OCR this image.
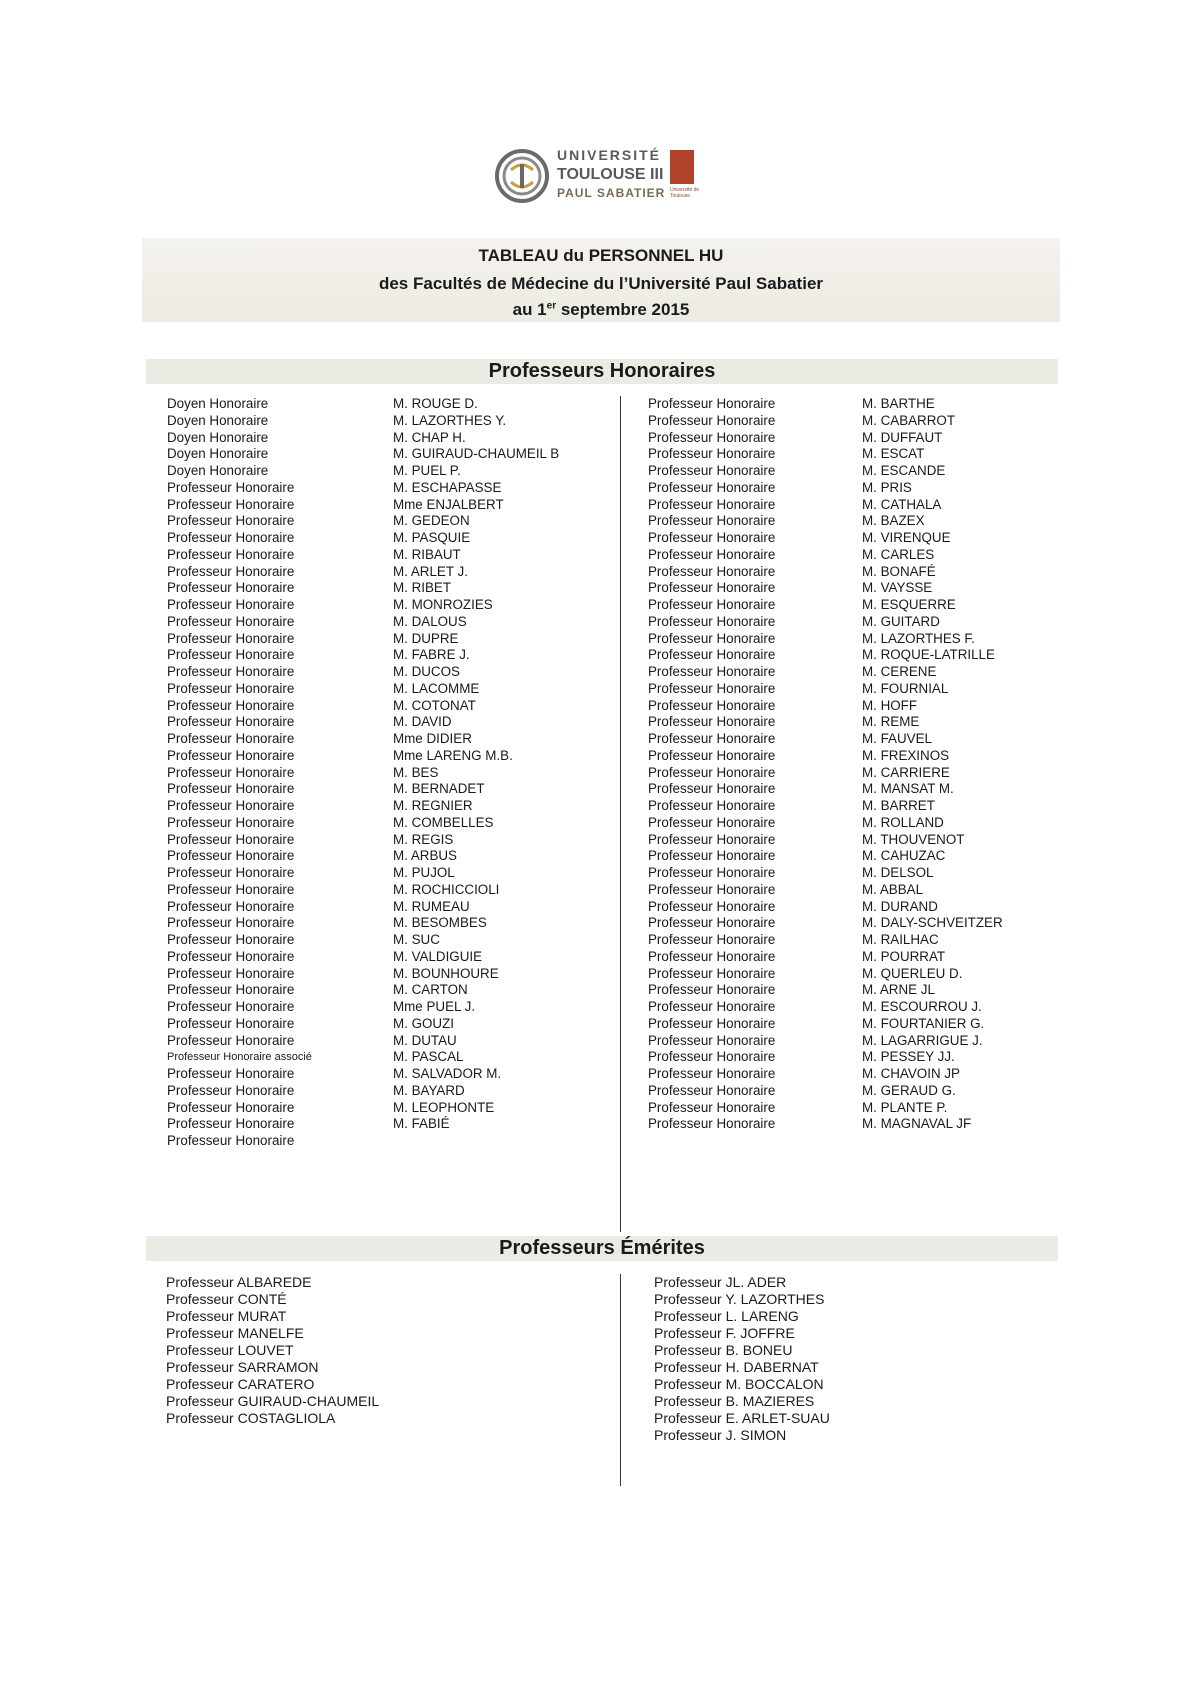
UNIVERSITÉ
TOULOUSE III
PAUL SABATIER Université de Toulouse
TABLEAU du PERSONNEL HU
des Facultés de Médecine du l’Université Paul Sabatier
au 1er septembre 2015
Professeurs Honoraires
Doyen Honoraire
Doyen Honoraire
Doyen Honoraire
Doyen Honoraire
Doyen Honoraire
Professeur Honoraire
Professeur Honoraire
Professeur Honoraire
Professeur Honoraire
Professeur Honoraire
Professeur Honoraire
Professeur Honoraire
Professeur Honoraire
Professeur Honoraire
Professeur Honoraire
Professeur Honoraire
Professeur Honoraire
Professeur Honoraire
Professeur Honoraire
Professeur Honoraire
Professeur Honoraire
Professeur Honoraire
Professeur Honoraire
Professeur Honoraire
Professeur Honoraire
Professeur Honoraire
Professeur Honoraire
Professeur Honoraire
Professeur Honoraire
Professeur Honoraire
Professeur Honoraire
Professeur Honoraire
Professeur Honoraire
Professeur Honoraire
Professeur Honoraire
Professeur Honoraire
Professeur Honoraire
Professeur Honoraire
Professeur Honoraire
Professeur Honoraire associé
Professeur Honoraire
Professeur Honoraire
Professeur Honoraire
Professeur Honoraire
Professeur Honoraire
M. ROUGE D.
M. LAZORTHES Y.
M. CHAP H.
M. GUIRAUD-CHAUMEIL B
M. PUEL P.
M. ESCHAPASSE
Mme ENJALBERT
M. GEDEON
M. PASQUIE
M. RIBAUT
M. ARLET J.
M. RIBET
M. MONROZIES
M. DALOUS
M. DUPRE
M. FABRE J.
M. DUCOS
M. LACOMME
M. COTONAT
M. DAVID
Mme DIDIER
Mme LARENG M.B.
M. BES
M. BERNADET
M. REGNIER
M. COMBELLES
M. REGIS
M. ARBUS
M. PUJOL
M. ROCHICCIOLI
M. RUMEAU
M. BESOMBES
M. SUC
M. VALDIGUIE
M. BOUNHOURE
M. CARTON
Mme PUEL J.
M. GOUZI
M. DUTAU
M. PASCAL
M. SALVADOR M.
M. BAYARD
M. LEOPHONTE
M. FABIÉ
Professeur Honoraire
Professeur Honoraire
Professeur Honoraire
Professeur Honoraire
Professeur Honoraire
Professeur Honoraire
Professeur Honoraire
Professeur Honoraire
Professeur Honoraire
Professeur Honoraire
Professeur Honoraire
Professeur Honoraire
Professeur Honoraire
Professeur Honoraire
Professeur Honoraire
Professeur Honoraire
Professeur Honoraire
Professeur Honoraire
Professeur Honoraire
Professeur Honoraire
Professeur Honoraire
Professeur Honoraire
Professeur Honoraire
Professeur Honoraire
Professeur Honoraire
Professeur Honoraire
Professeur Honoraire
Professeur Honoraire
Professeur Honoraire
Professeur Honoraire
Professeur Honoraire
Professeur Honoraire
Professeur Honoraire
Professeur Honoraire
Professeur Honoraire
Professeur Honoraire
Professeur Honoraire
Professeur Honoraire
Professeur Honoraire
Professeur Honoraire
Professeur Honoraire
Professeur Honoraire
Professeur Honoraire
Professeur Honoraire
M. BARTHE
M. CABARROT
M. DUFFAUT
M. ESCAT
M. ESCANDE
M. PRIS
M. CATHALA
M. BAZEX
M. VIRENQUE
M. CARLES
M. BONAFÉ
M. VAYSSE
M. ESQUERRE
M. GUITARD
M. LAZORTHES F.
M. ROQUE-LATRILLE
M. CERENE
M. FOURNIAL
M. HOFF
M. REME
M. FAUVEL
M. FREXINOS
M. CARRIERE
M. MANSAT M.
M. BARRET
M. ROLLAND
M. THOUVENOT
M. CAHUZAC
M. DELSOL
M. ABBAL
M. DURAND
M. DALY-SCHVEITZER
M. RAILHAC
M. POURRAT
M. QUERLEU D.
M. ARNE JL
M. ESCOURROU J.
M. FOURTANIER G.
M. LAGARRIGUE J.
M. PESSEY JJ.
M. CHAVOIN JP
M. GERAUD G.
M. PLANTE P.
M. MAGNAVAL JF
Professeurs Émérites
Professeur ALBAREDE
Professeur CONTÉ
Professeur MURAT
Professeur MANELFE
Professeur LOUVET
Professeur SARRAMON
Professeur CARATERO
Professeur GUIRAUD-CHAUMEIL
Professeur COSTAGLIOLA
Professeur JL. ADER
Professeur Y. LAZORTHES
Professeur L. LARENG
Professeur F. JOFFRE
Professeur B. BONEU
Professeur H. DABERNAT
Professeur M. BOCCALON
Professeur B. MAZIERES
Professeur E. ARLET-SUAU
Professeur J. SIMON
